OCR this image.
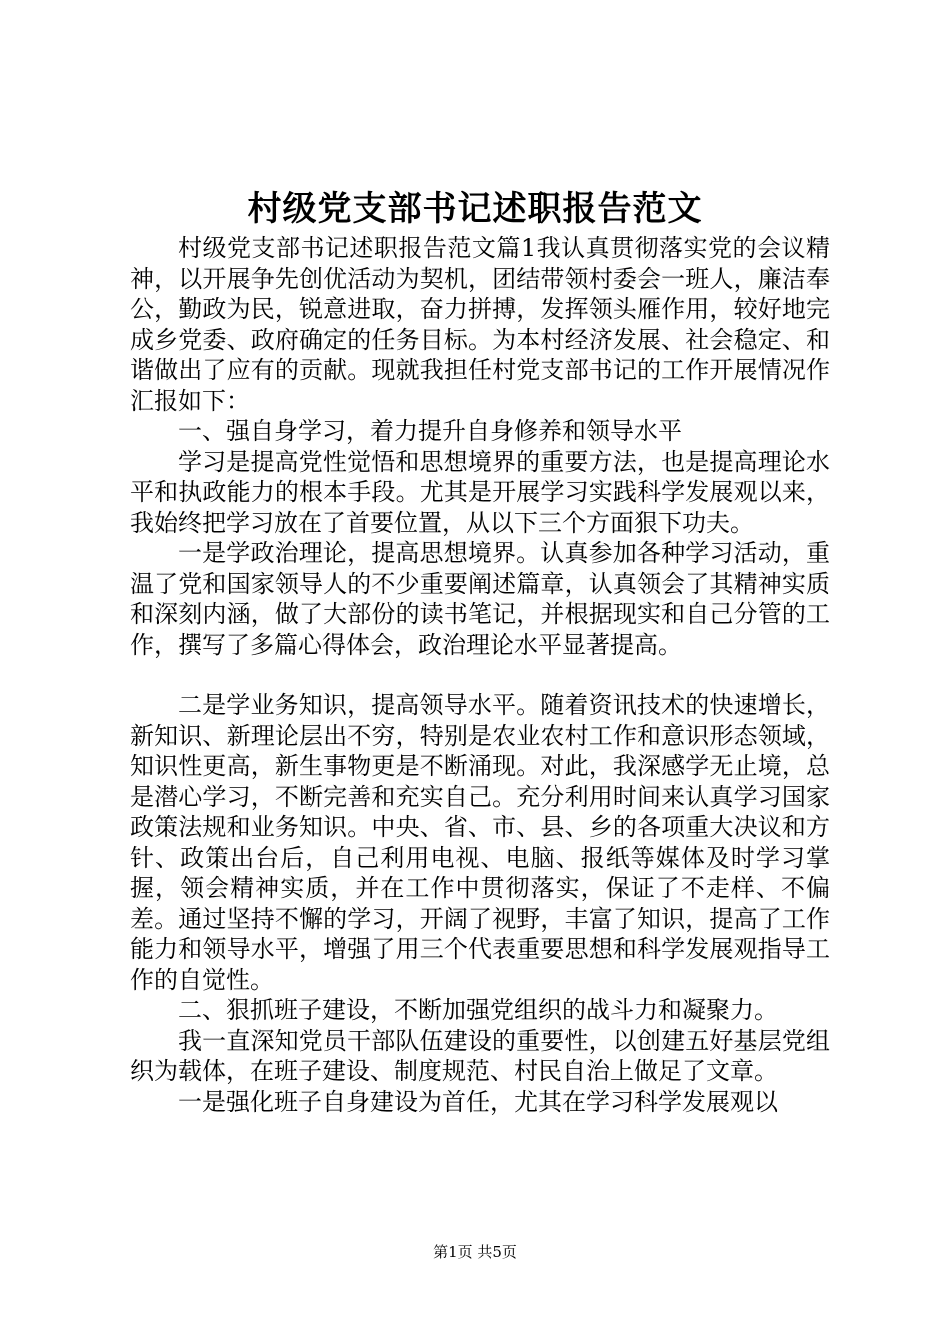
村级党支部书记述职报告范文

村级党支部书记述职报告范文篇1我认真贯彻落实党的会议精神，以开展争先创优活动为契机，团结带领村委会一班人，廉洁奉公，勤政为民，锐意进取，奋力拼搏，发挥领头雁作用，较好地完成乡党委、政府确定的任务目标。为本村经济发展、社会稳定、和谐做出了应有的贡献。现就我担任村党支部书记的工作开展情况作汇报如下：

一、强自身学习，着力提升自身修养和领导水平

学习是提高党性觉悟和思想境界的重要方法，也是提高理论水平和执政能力的根本手段。尤其是开展学习实践科学发展观以来，我始终把学习放在了首要位置，从以下三个方面狠下功夫。

一是学政治理论，提高思想境界。认真参加各种学习活动，重温了党和国家领导人的不少重要阐述篇章，认真领会了其精神实质和深刻内涵，做了大部份的读书笔记，并根据现实和自己分管的工作，撰写了多篇心得体会，政治理论水平显著提高。

二是学业务知识，提高领导水平。随着资讯技术的快速增长，新知识、新理论层出不穷，特别是农业农村工作和意识形态领域，知识性更高，新生事物更是不断涌现。对此，我深感学无止境，总是潜心学习，不断完善和充实自己。充分利用时间来认真学习国家政策法规和业务知识。中央、省、市、县、乡的各项重大决议和方针、政策出台后，自己利用电视、电脑、报纸等媒体及时学习掌握，领会精神实质，并在工作中贯彻落实，保证了不走样、不偏差。通过坚持不懈的学习，开阔了视野，丰富了知识，提高了工作能力和领导水平，增强了用三个代表重要思想和科学发展观指导工作的自觉性。

二、狠抓班子建设，不断加强党组织的战斗力和凝聚力。

我一直深知党员干部队伍建设的重要性，以创建五好基层党组织为载体，在班子建设、制度规范、村民自治上做足了文章。

一是强化班子自身建设为首任，尤其在学习科学发展观以

第1页 共5页
